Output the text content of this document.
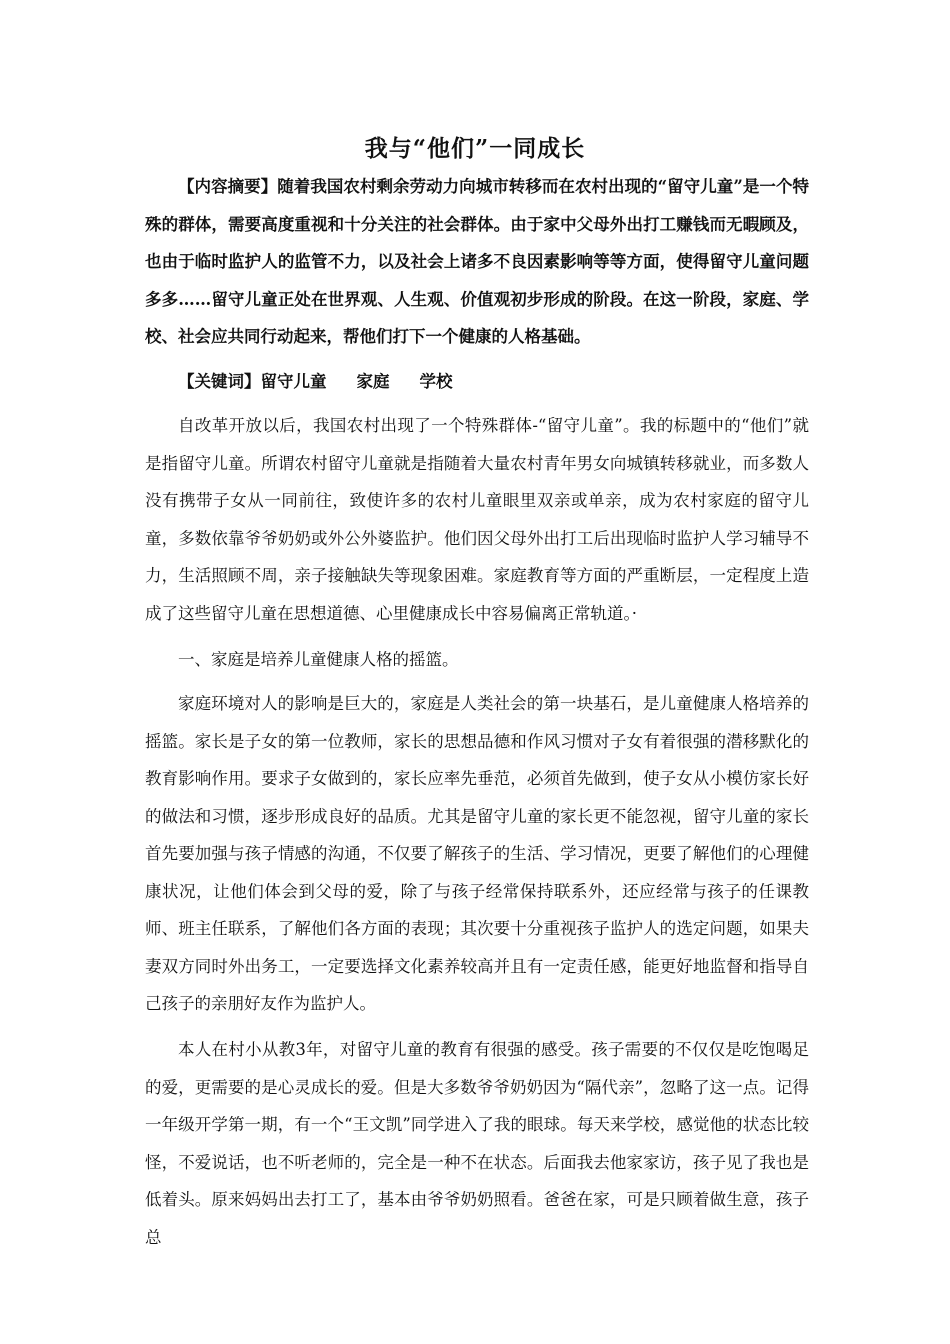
我与“他们”一同成长

【内容摘要】随着我国农村剩余劳动力向城市转移而在农村出现的“留守儿童”是一个特殊的群体，需要高度重视和十分关注的社会群体。由于家中父母外出打工赚钱而无暇顾及，也由于临时监护人的监管不力，以及社会上诸多不良因素影响等等方面，使得留守儿童问题多多……留守儿童正处在世界观、人生观、价值观初步形成的阶段。在这一阶段，家庭、学校、社会应共同行动起来，帮他们打下一个健康的人格基础。

【关键词】留守儿童 家庭 学校

自改革开放以后，我国农村出现了一个特殊群体-“留守儿童”。我的标题中的“他们”就是指留守儿童。所谓农村留守儿童就是指随着大量农村青年男女向城镇转移就业，而多数人没有携带子女从一同前往，致使许多的农村儿童眼里双亲或单亲，成为农村家庭的留守儿童，多数依靠爷爷奶奶或外公外婆监护。他们因父母外出打工后出现临时监护人学习辅导不力，生活照顾不周，亲子接触缺失等现象困难。家庭教育等方面的严重断层，一定程度上造成了这些留守儿童在思想道德、心里健康成长中容易偏离正常轨道。·

一、家庭是培养儿童健康人格的摇篮。

家庭环境对人的影响是巨大的，家庭是人类社会的第一块基石，是儿童健康人格培养的摇篮。家长是子女的第一位教师，家长的思想品德和作风习惯对子女有着很强的潜移默化的教育影响作用。要求子女做到的，家长应率先垂范，必须首先做到，使子女从小模仿家长好的做法和习惯，逐步形成良好的品质。尤其是留守儿童的家长更不能忽视，留守儿童的家长首先要加强与孩子情感的沟通，不仅要了解孩子的生活、学习情况，更要了解他们的心理健康状况，让他们体会到父母的爱，除了与孩子经常保持联系外，还应经常与孩子的任课教师、班主任联系，了解他们各方面的表现；其次要十分重视孩子监护人的选定问题，如果夫妻双方同时外出务工，一定要选择文化素养较高并且有一定责任感，能更好地监督和指导自己孩子的亲朋好友作为监护人。

本人在村小从教3年，对留守儿童的教育有很强的感受。孩子需要的不仅仅是吃饱喝足的爱，更需要的是心灵成长的爱。但是大多数爷爷奶奶因为“隔代亲”，忽略了这一点。记得一年级开学第一期，有一个“王文凯”同学进入了我的眼球。每天来学校，感觉他的状态比较怪，不爱说话，也不听老师的，完全是一种不在状态。后面我去他家家访，孩子见了我也是低着头。原来妈妈出去打工了，基本由爷爷奶奶照看。爸爸在家，可是只顾着做生意，孩子总
